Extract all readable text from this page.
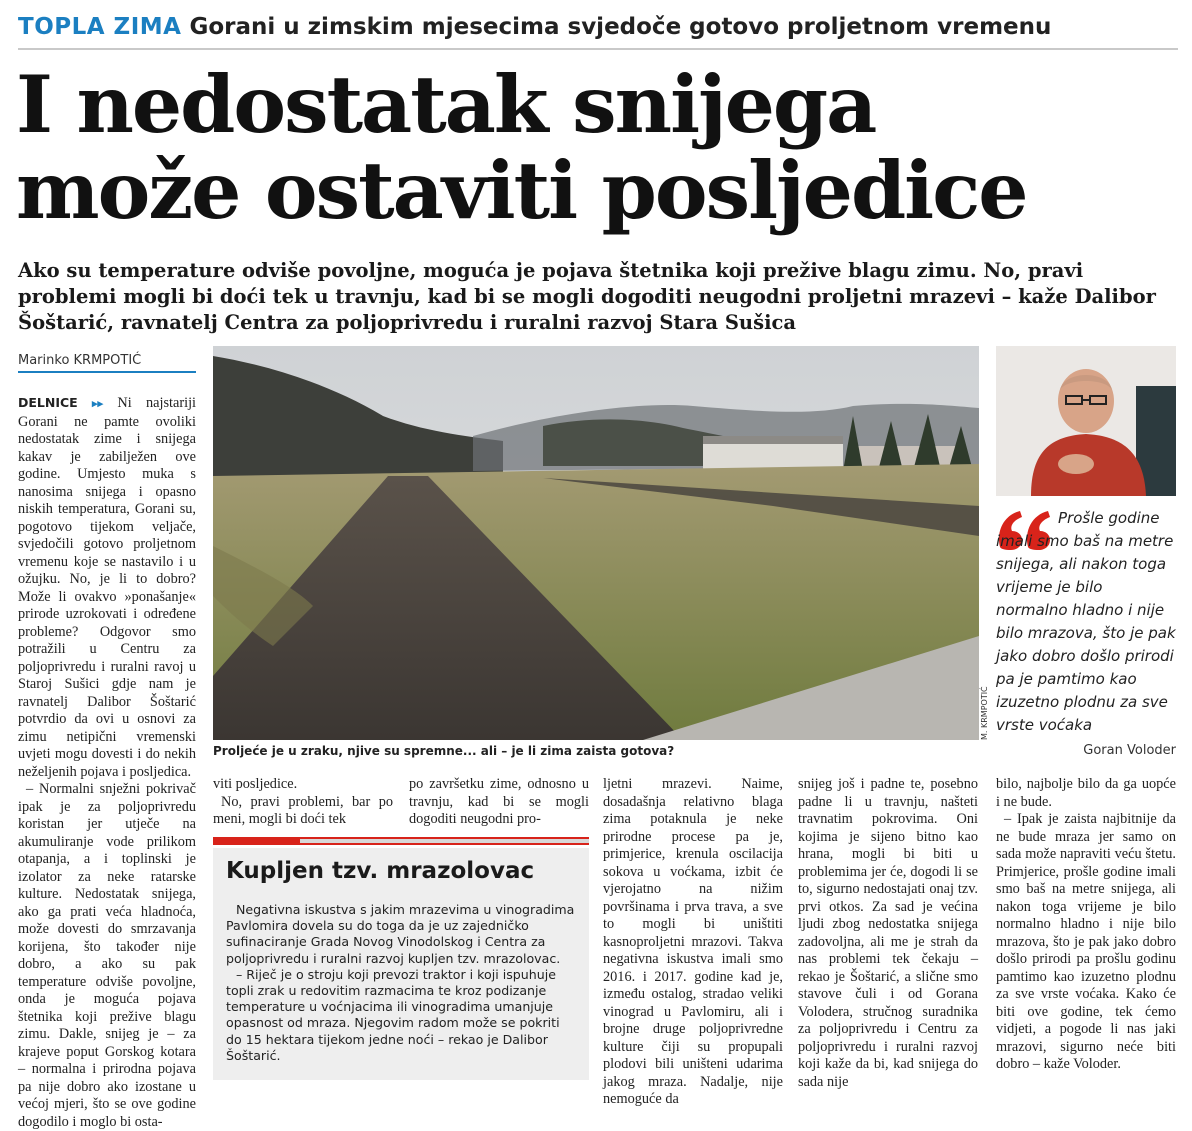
TOPLA ZIMA Gorani u zimskim mjesecima svjedoče gotovo proljetnom vremenu
I nedostatak snijega
može ostaviti posljedice
Ako su temperature odviše povoljne, moguća je pojava štetnika koji prežive blagu zimu. No, pravi problemi mogli bi doći tek u travnju, kad bi se mogli dogoditi neugodni proljetni mrazevi – kaže Dalibor Šoštarić, ravnatelj Centra za poljoprivredu i ruralni razvoj Stara Sušica
Marinko KRMPOTIĆ

DELNICE ▸▸ Ni najstariji Gorani ne pamte ovoliki nedostatak zime i snijega kakav je zabilježen ove godine. Umjesto muka s nanosima snijega i opasno niskih temperatura, Gorani su, pogotovo tijekom veljače, svjedočili gotovo proljetnom vremenu koje se nastavilo i u ožujku. No, je li to dobro? Može li ovakvo »ponašanje« prirode uzrokovati i određene probleme? Odgovor smo potražili u Centru za poljoprivredu i ruralni ravoj u Staroj Sušici gdje nam je ravnatelj Dalibor Šoštarić potvrdio da ovi u osnovi za zimu netipični vremenski uvjeti mogu dovesti i do nekih neželjenih pojava i posljedica.

– Normalni snježni pokrivač ipak je za poljoprivredu koristan jer utječe na akumuliranje vode prilikom otapanja, a i toplinski je izolator za neke ratarske kulture. Nedostatak snijega, ako ga prati veća hladnoća, može dovesti do smrzavanja korijena, što također nije dobro, a ako su pak temperature odviše povoljne, onda je moguća pojava štetnika koji prežive blagu zimu. Dakle, snijeg je – za krajeve poput Gorskog kotara – normalna i prirodna pojava pa nije dobro ako izostane u većoj mjeri, što se ove godine dogodilo i moglo bi osta-

M. KRMPOTIĆ
Proljeće je u zraku, njive su spremne... ali – je li zima zaista gotova?
Prošle godine imali smo baš na metre snijega, ali nakon toga vrijeme je bilo normalno hladno i nije bilo mrazova, što je pak jako dobro došlo prirodi pa je pamtimo kao izuzetno plodnu za sve vrste voćaka
Goran Voloder

viti posljedice.

No, pravi problemi, bar po meni, mogli bi doći tek

po završetku zime, odnosno u travnju, kad bi se mogli dogoditi neugodni pro-

Kupljen tzv. mrazolovac

Negativna iskustva s jakim mrazevima u vinogradima Pavlomira dovela su do toga da je uz zajedničko sufinaciranje Grada Novog Vinodolskog i Centra za poljoprivredu i ruralni razvoj kupljen tzv. mrazolovac.

– Riječ je o stroju koji prevozi traktor i koji ispuhuje topli zrak u redovitim razmacima te kroz podizanje temperature u voćnjacima ili vinogradima umanjuje opasnost od mraza. Njegovim radom može se pokriti do 15 hektara tijekom jedne noći – rekao je Dalibor Šoštarić.

ljetni mrazevi. Naime, dosadašnja relativno blaga zima potaknula je neke prirodne procese pa je, primjerice, krenula oscilacija sokova u voćkama, izbit će vjerojatno na nižim površinama i prva trava, a sve to mogli bi uništiti kasnoproljetni mrazovi. Takva negativna iskustva imali smo 2016. i 2017. godine kad je, između ostalog, stradao veliki vinograd u Pavlomiru, ali i brojne druge poljoprivredne kulture čiji su propupali plodovi bili uništeni udarima jakog mraza. Nadalje, nije nemoguće da

snijeg još i padne te, posebno padne li u travnju, našteti travnatim pokrovima. Oni kojima je sijeno bitno kao hrana, mogli bi biti u problemima jer će, dogodi li se to, sigurno nedostajati onaj tzv. prvi otkos. Za sad je većina ljudi zbog nedostatka snijega zadovoljna, ali me je strah da nas problemi tek čekaju – rekao je Šoštarić, a slične smo stavove čuli i od Gorana Volodera, stručnog suradnika za poljoprivredu i Centru za poljoprivredu i ruralni razvoj koji kaže da bi, kad snijega do sada nije

bilo, najbolje bilo da ga uopće i ne bude.

– Ipak je zaista najbitnije da ne bude mraza jer samo on sada može napraviti veću štetu. Primjerice, prošle godine imali smo baš na metre snijega, ali nakon toga vrijeme je bilo normalno hladno i nije bilo mrazova, što je pak jako dobro došlo prirodi pa prošlu godinu pamtimo kao izuzetno plodnu za sve vrste voćaka. Kako će biti ove godine, tek ćemo vidjeti, a pogode li nas jaki mrazovi, sigurno neće biti dobro – kaže Voloder.
